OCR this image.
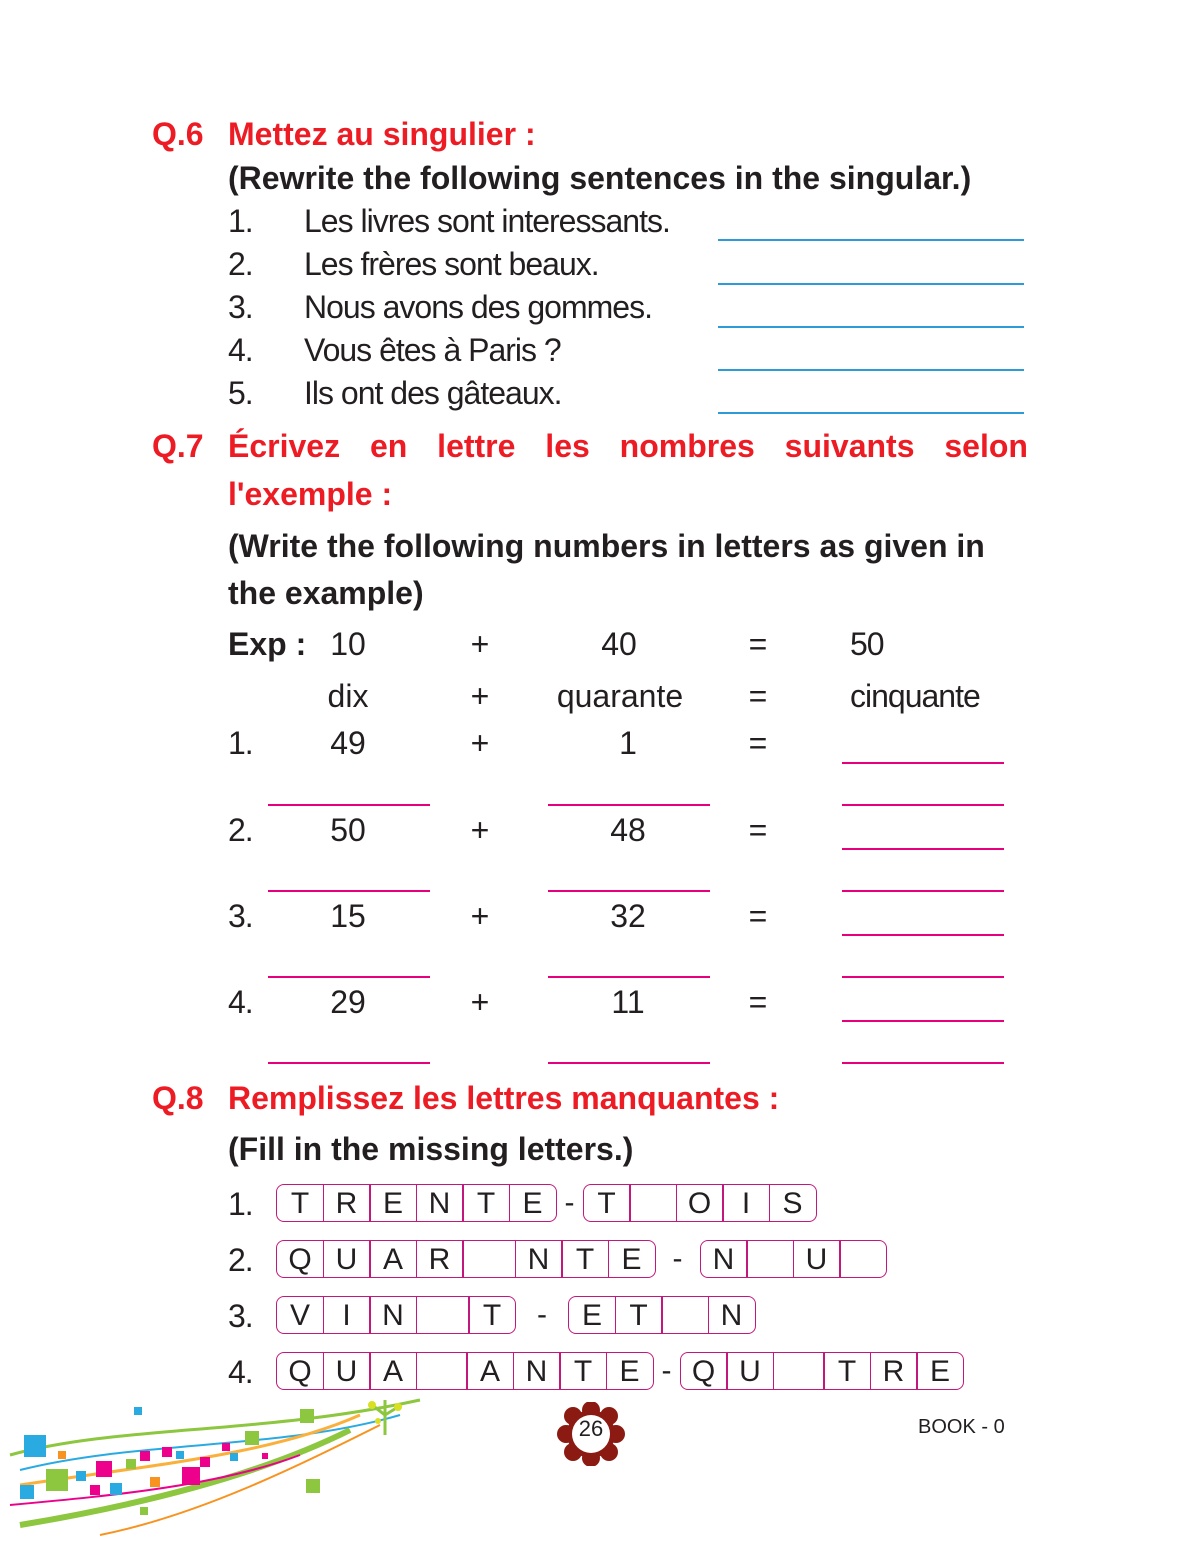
Q.6 Mettez au singulier :
(Rewrite the following sentences in the singular.)
1. Les livres sont interessants.
2. Les frères sont beaux.
3. Nous avons des gommes.
4. Vous êtes à Paris ?
5. Ils ont des gâteaux.
Q.7 Écrivez en lettre les nombres suivants selon
l'exemple :
(Write the following numbers in letters as given in
the example)
Exp : 10	+	40	=	50
dix	+	quarante	=	cinquante
1.	49	+	1	=
2.	50	+	48	=
3.	15	+	32	=
4.	29	+	11	=
Q.8 Remplissez les lettres manquantes :
(Fill in the missing letters.)
1.	T R E N T E - T	O	I	S
2.	Q U A R	N T E	-	N	U
3.	V	I	N	T	-	E T	N
4.	Q U A	A N T E - Q U	T R E
26	BOOK - 0
